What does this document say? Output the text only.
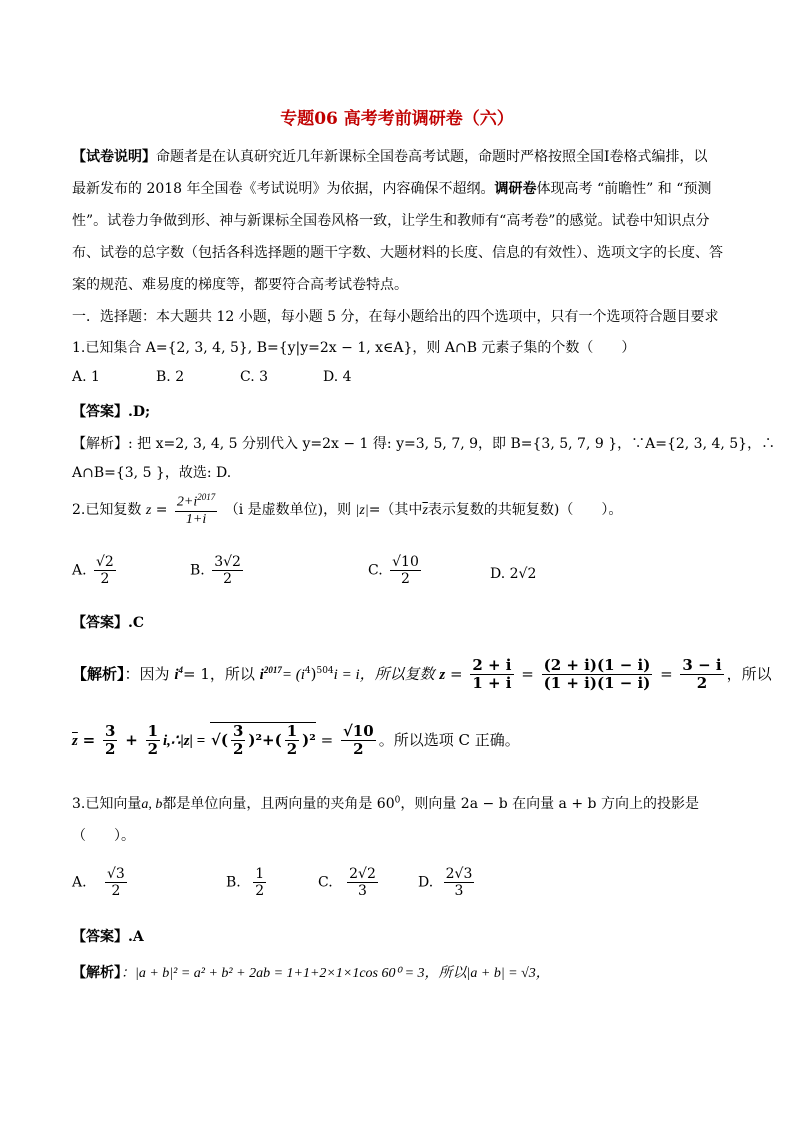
专题06 高考考前调研卷（六）
【试卷说明】命题者是在认真研究近几年新课标全国卷高考试题，命题时严格按照全国Ⅰ卷格式编排，以
最新发布的 2018 年全国卷《考试说明》为依据，内容确保不超纲。调研卷体现高考 “前瞻性” 和 “预测
性”。试卷力争做到形、神与新课标全国卷风格一致，让学生和教师有“高考卷”的感觉。试卷中知识点分
布、试卷的总字数（包括各科选择题的题干字数、大题材料的长度、信息的有效性）、选项文字的长度、答
案的规范、难易度的梯度等，都要符合高考试卷特点。
一．选择题：本大题共 12 小题，每小题 5 分，在每小题给出的四个选项中，只有一个选项符合题目要求
1.已知集合 A={2, 3, 4, 5}, B={y|y=2x − 1, x∈A}，则 A∩B 元素子集的个数（　　）
A. 1	B. 2	C. 3	D. 4
【答案】.D;
【解析】: 把 x=2, 3, 4, 5 分别代入 y=2x − 1 得: y=3, 5, 7, 9，即 B={3, 5, 7, 9 }，∵A={2, 3, 4, 5}，∴
A∩B={3, 5 }，故选: D.
2.已知复数 $z = \frac{2+i^{2017}}{1+i} (i$ 是虚数单位)，则 |z|=（其中$\overline{z}$表示复数的共轭复数)（　　）。
A. $\frac{√2}{2}$	B. $\frac{3√2}{2}$	C. $\frac{√10}{2}$	D. 2√2
【答案】.C
【解析】：因为 $i^4= 1$，所以 $i^{2017}= (i^4)^{504}i = i$，所以复数 $z = \frac{2 + i}{1 + i} = \frac{(2 + i)(1 - i)}{(1 + i)(1 - i)} = \frac{3 - i}{2}$ ，所以
$\overline{z} = \frac{3}{2} + \frac{1}{2}$ i,∴|z| = √( $\frac{3}{2} )^2+( \frac{1}{2} )^2 = \frac{√10}{2}$ 。所以选项 C 正确。
3.已知向量a, b都是单位向量，且两向量的夹角是 $60^0$，则向量 2a − b 在向量 a + b 方向上的投影是
（　　）。
A. $\frac{√3}{2}$	B. $\frac{1}{2}$	C. $\frac{2√2}{3}$	D. $\frac{2√3}{3}$
【答案】.A
【解析】：|a + b|² = a² + b² + 2ab = 1+1+2×1×1cos 60⁰ = 3，所以|a + b| = √3，
